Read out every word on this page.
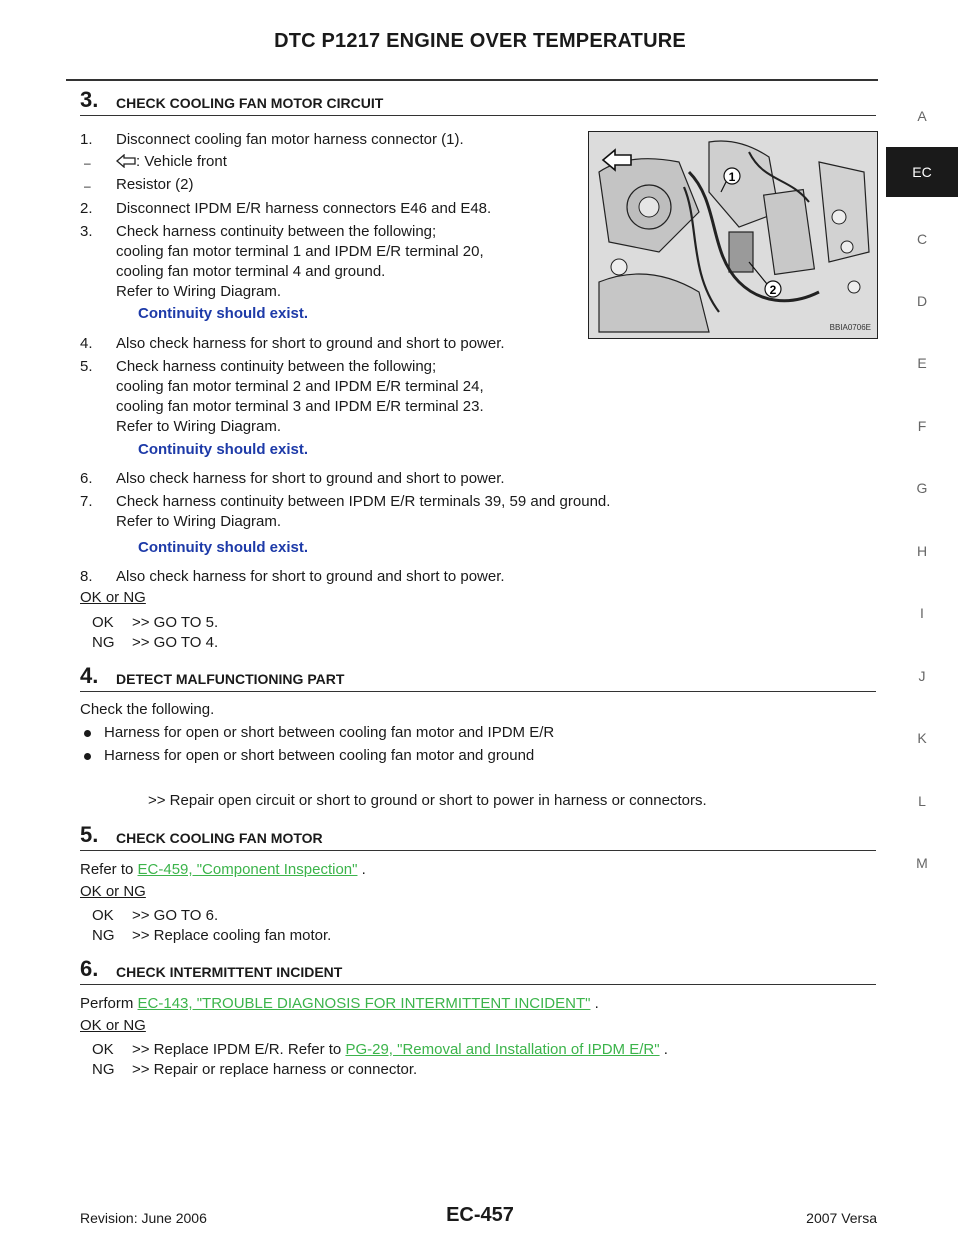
DTC P1217 ENGINE OVER TEMPERATURE
A
EC
C
D
E
F
G
H
I
J
K
L
M
3. CHECK COOLING FAN MOTOR CIRCUIT
1. Disconnect cooling fan motor harness connector (1).
–	: Vehicle front
– Resistor (2)
2. Disconnect IPDM E/R harness connectors E46 and E48.
3. Check harness continuity between the following;
cooling fan motor terminal 1 and IPDM E/R terminal 20,
cooling fan motor terminal 4 and ground.
Refer to Wiring Diagram.
Continuity should exist.
4. Also check harness for short to ground and short to power.
5. Check harness continuity between the following;
cooling fan motor terminal 2 and IPDM E/R terminal 24,
cooling fan motor terminal 3 and IPDM E/R terminal 23.
Refer to Wiring Diagram.
Continuity should exist.
6. Also check harness for short to ground and short to power.
7. Check harness continuity between IPDM E/R terminals 39, 59 and ground.
Refer to Wiring Diagram.
Continuity should exist.
8. Also check harness for short to ground and short to power.
OK or NG
OK >> GO TO 5.
NG >> GO TO 4.
1
2
BBIA0706E
4. DETECT MALFUNCTIONING PART
Check the following.
Harness for open or short between cooling fan motor and IPDM E/R
Harness for open or short between cooling fan motor and ground
>> Repair open circuit or short to ground or short to power in harness or connectors.
5. CHECK COOLING FAN MOTOR
Refer to EC-459, "Component Inspection" .
OK or NG
OK >> GO TO 6.
NG >> Replace cooling fan motor.
6. CHECK INTERMITTENT INCIDENT
Perform EC-143, "TROUBLE DIAGNOSIS FOR INTERMITTENT INCIDENT" .
OK or NG
OK >> Replace IPDM E/R. Refer to PG-29, "Removal and Installation of IPDM E/R" .
NG >> Repair or replace harness or connector.
Revision: June 2006	EC-457	2007 Versa
